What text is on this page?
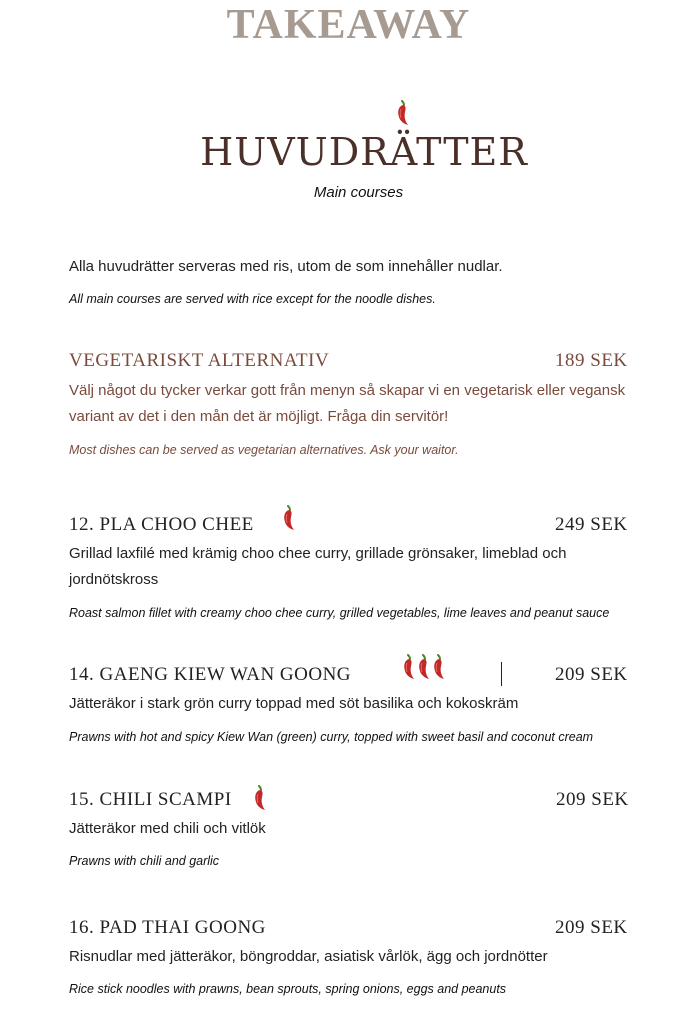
TAKEAWAY
HUVUDRÄTTER
Main courses
Alla huvudrätter serveras med ris, utom de som innehåller nudlar.
All main courses are served with rice except for the noodle dishes.
VEGETARISKT ALTERNATIV	189 SEK
Välj något du tycker verkar gott från menyn så skapar vi en vegetarisk eller vegansk variant av det i den mån det är möjligt. Fråga din servitör!
Most dishes can be served as vegetarian alternatives. Ask your waitor.
12. PLA CHOO CHEE	249 SEK
Grillad laxfilé med krämig choo chee curry, grillade grönsaker, limeblad och jordnötskross
Roast salmon fillet with creamy choo chee curry, grilled vegetables, lime leaves and peanut sauce
14. GAENG KIEW WAN GOONG	209 SEK
Jätteräkor i stark grön curry toppad med söt basilika och kokoskräm
Prawns with hot and spicy Kiew Wan (green) curry, topped with sweet basil and coconut cream
15. CHILI SCAMPI	209 SEK
Jätteräkor med chili och vitlök
Prawns with chili and garlic
16. PAD THAI GOONG	209 SEK
Risnudlar med jätteräkor, böngroddar, asiatisk vårlök, ägg och jordnötter
Rice stick noodles with prawns, bean sprouts, spring onions, eggs and peanuts
